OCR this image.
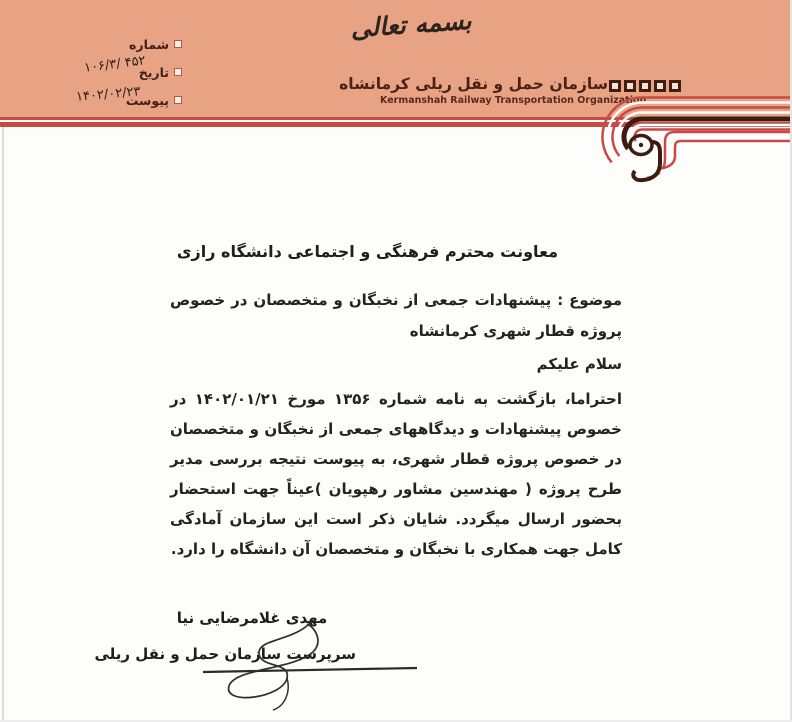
بسمه تعالی
شماره
تاریخ
پیوست
۱۰۶/۳/ ۴۵۲
۱۴۰۲/۰۲/۲۳
سازمان حمل و نقل ریلی کرمانشاه
Kermanshah Railway Transportation Organization

معاونت محترم فرهنگی و اجتماعی دانشگاه رازی

موضوع : پیشنهادات جمعی از نخبگان و متخصصان در خصوص پروژه قطار شهری کرمانشاه

سلام علیکم

احتراما، بازگشت به نامه شماره ۱۳۵۶ مورخ ۱۴۰۲/۰۱/۲۱ در خصوص پیشنهادات و دیدگاههای جمعی از نخبگان و متخصصان در خصوص پروژه قطار شهری، به پیوست نتیجه بررسی مدیر طرح پروژه ( مهندسین مشاور رهپویان )عیناً جهت استحضار بحضور ارسال میگردد. شایان ذکر است این سازمان آمادگی کامل جهت همکاری با نخبگان و متخصصان آن دانشگاه را دارد.

مهدی غلامرضایی نیا
سرپرست سازمان حمل و نقل ریلی
